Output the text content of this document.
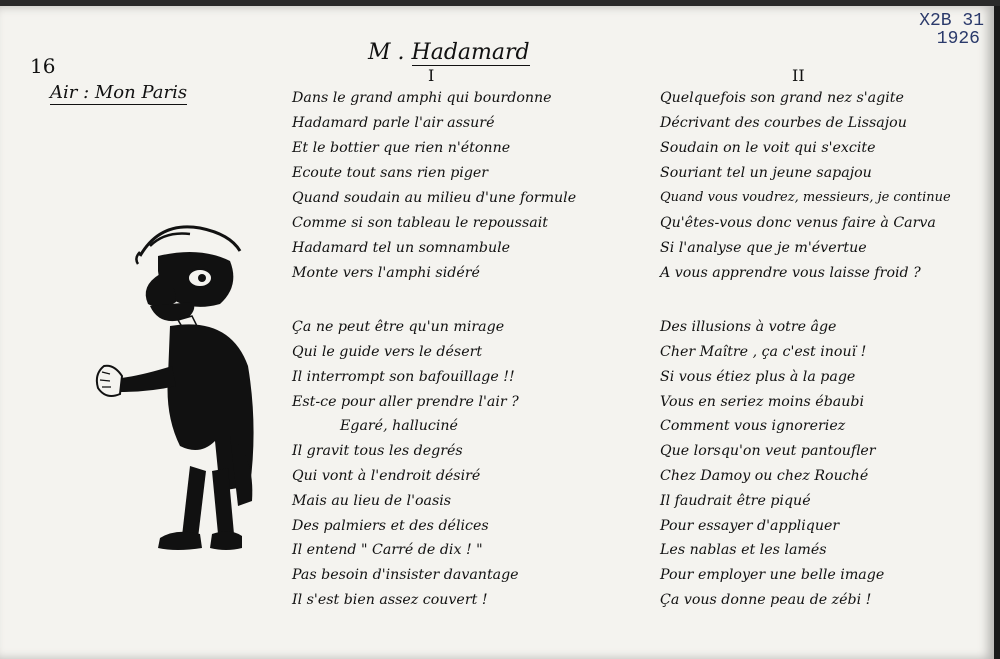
X2B 31
1926
16
Air : Mon Paris
M . Hadamard
I	II
Dans le grand amphi qui bourdonne
Hadamard parle l'air assuré
Et le bottier que rien n'étonne
Ecoute tout sans rien piger
Quand soudain au milieu d'une formule
Comme si son tableau le repoussait
Hadamard tel un somnambule
Monte vers l'amphi sidéré
Ça ne peut être qu'un mirage
Qui le guide vers le désert
Il interrompt son bafouillage !!
Est-ce pour aller prendre l'air ?
Egaré, halluciné
Il gravit tous les degrés
Qui vont à l'endroit désiré
Mais au lieu de l'oasis
Des palmiers et des délices
Il entend " Carré de dix ! "
Pas besoin d'insister davantage
Il s'est bien assez couvert !
Quelquefois son grand nez s'agite
Décrivant des courbes de Lissajou
Soudain on le voit qui s'excite
Souriant tel un jeune sapajou
Quand vous voudrez, messieurs, je continue
Qu'êtes-vous donc venus faire à Carva
Si l'analyse que je m'évertue
A vous apprendre vous laisse froid ?
Des illusions à votre âge
Cher Maître , ça c'est inouï !
Si vous étiez plus à la page
Vous en seriez moins ébaubi
Comment vous ignoreriez
Que lorsqu'on veut pantoufler
Chez Damoy ou chez Rouché
Il faudrait être piqué
Pour essayer d'appliquer
Les nablas et les lamés
Pour employer une belle image
Ça vous donne peau de zébi !
